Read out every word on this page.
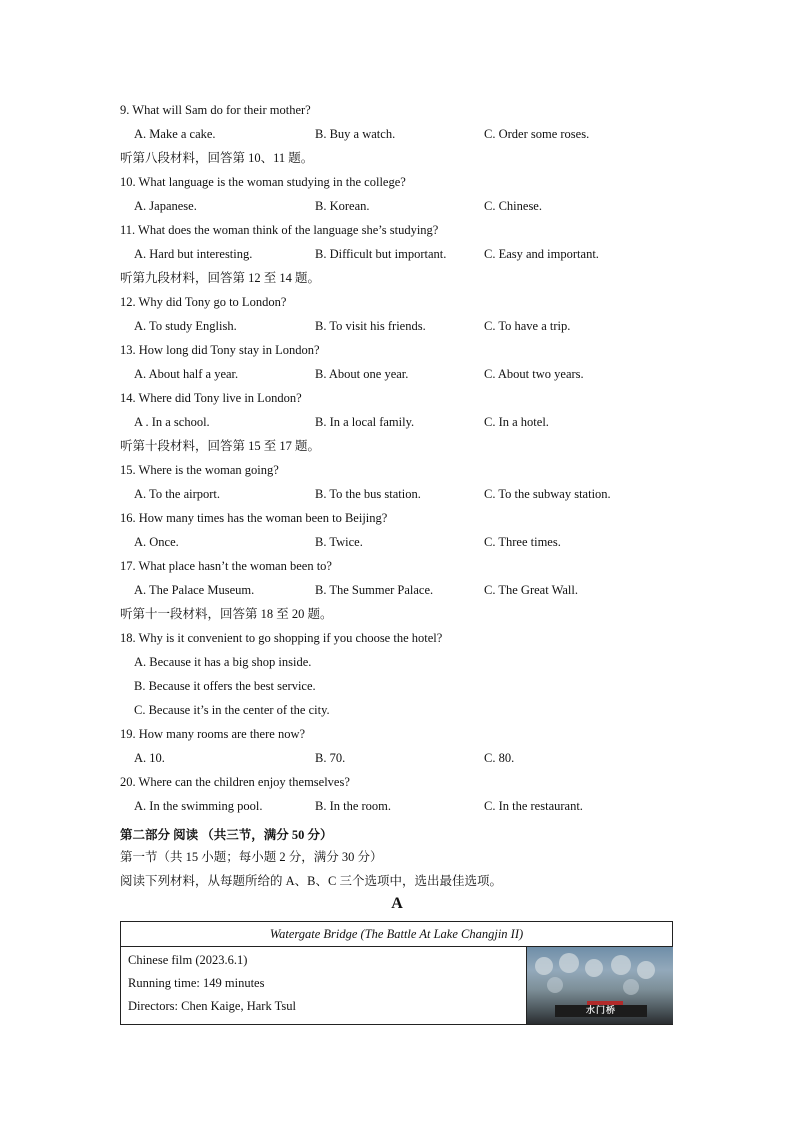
9. What will Sam do for their mother?
A. Make a cake.	B. Buy a watch.	C. Order some roses.
听第八段材料，回答第 10、11 题。
10. What language is the woman studying in the college?
A. Japanese.	B. Korean.	C. Chinese.
11. What does the woman think of the language she’s studying?
A. Hard but interesting.	B. Difficult but important.	C. Easy and important.
听第九段材料，回答第 12 至 14 题。
12. Why did Tony go to London?
A. To study English.	B. To visit his friends.	C. To have a trip.
13. How long did Tony stay in London?
A. About half a year.	B. About one year.	C. About two years.
14. Where did Tony live in London?
A . In a school.	B. In a local family.	C. In a hotel.
听第十段材料，回答第 15 至 17 题。
15. Where is the woman going?
A. To the airport.	B. To the bus station.	C. To the subway station.
16. How many times has the woman been to Beijing?
A. Once.	B. Twice.	C. Three times.
17. What place hasn’t the woman been to?
A. The Palace Museum.	B. The Summer Palace.	C. The Great Wall.
听第十一段材料，回答第 18 至 20 题。
18. Why is it convenient to go shopping if you choose the hotel?
A. Because it has a big shop inside.
B. Because it offers the best service.
C. Because it’s in the center of the city.
19. How many rooms are there now?
A. 10.	B. 70.	C. 80.
20. Where can the children enjoy themselves?
A. In the swimming pool.	B. In the room.	C. In the restaurant.
第二部分 阅读 （共三节，满分 50 分）
第一节（共 15 小题；每小题 2 分，满分 30 分）
阅读下列材料，从每题所给的 A、B、C 三个选项中，选出最佳选项。
A
Watergate Bridge (The Battle At Lake Changjin II)
Chinese film (2023.6.1)
Running time: 149 minutes
Directors: Chen Kaige, Hark Tsul	水门桥
